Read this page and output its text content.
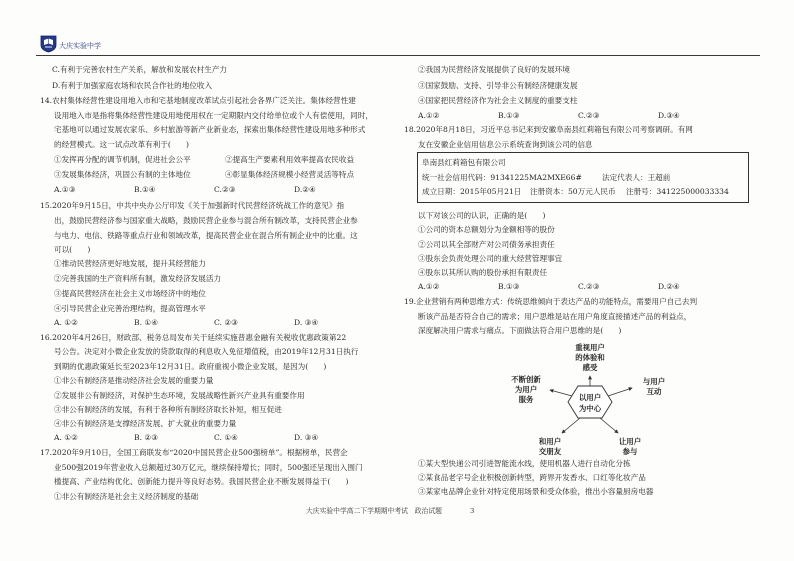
大庆实验中学
C.有利于完善农村生产关系，解放和发展农村生产力
D.有利于加强家庭农场和农民合作社的地位收入
14.农村集体经营性建设用地入市和宅基地制度改革试点引起社会各界广泛关注。集体经营性建
设用地入市是指将集体经营性建设用地使用权在一定期限内交付给单位或个人有偿使用，同时，
宅基地可以通过发展农家乐、乡村旅游等新产业新业态，探索出集体经营性建设用地多种形式
的经营模式。这一试点改革有利于(　　)
①发挥再分配的调节机制，促进社会公平	②提高生产要素利用效率提高农民收益
③发展集体经济，巩固公有制的主体地位	④彰显集体经济规模小经营灵活等特点
A.①③	B.①④	C.②③	D.②④
15.2020年9月15日，中共中央办公厅印发《关于加强新时代民营经济统战工作的意见》指
出，鼓励民营经济参与国家重大战略，鼓励民营企业参与混合所有制改革，支持民营企业参
与电力、电信、铁路等重点行业和领域改革，提高民营企业在混合所有制企业中的比重。这
可以(　　)
①推动民营经济更好地发展，提升其经营能力
②完善我国的生产资料所有制，激发经济发展活力
③提高民营经济在社会主义市场经济中的地位
④引导民营企业完善治理结构，提高管理水平
A. ①②	B. ①④	C. ②③	D. ③④
16.2020年4月26日，财政部、税务总局发布关于延续实施普惠金融有关税收优惠政策第22
号公告。决定对小微企业发放的贷款取得的利息收入免征增值税，由2019年12月31日执行
到期的优惠政策延长至2023年12月31日。政府重视小微企业发展，是因为(　　)
①非公有制经济是推动经济社会发展的重要力量
②发展非公有制经济，对保护生态环境，发展战略性新兴产业具有重要作用
③非公有制经济的发展，有利于各种所有制经济取长补短，相互促进
④非公有制经济是支撑经济发展、扩大就业的重要力量
A. ①②	B. ②③	C. ①④	D. ③④
17.2020年9月10日，全国工商联发布“2020中国民营企业500强榜单”。根据榜单，民营企
业500强2019年营业收入总额超过30万亿元，继续保持增长；同时，500强还呈现出入围门
槛提高、产业结构优化、创新能力提升等良好态势。我国民营企业不断发展得益于(　　)
①非公有制经济是社会主义经济制度的基础
②我国为民营经济发展提供了良好的发展环境
③国家鼓励、支持、引导非公有制经济健康发展
④国家把民营经济作为社会主义制度的重要支柱
A.①②	B.①③	C.②③	D.③④
18.2020年8月18日，习近平总书记来到安徽阜南县红莉箱包有限公司考察调研。有网
友在安徽企业信用信息公示系统查询到该公司的信息
阜南县红莉箱包有限公司
统一社会信用代码：91341225MA2MXE66#	法定代表人：王超前
成立日期：2015年05月21日 注册资本：50万元人民币 注册号：341225000033334
以下对该公司的认识，正确的是(　　)
①公司的资本总额划分为金额相等的股份
②公司以其全部财产对公司债务承担责任
③股东会负责处理公司的重大经营管理事宜
④股东以其所认购的股份承担有限责任
A.①②	B.①③	C.②③	D.②④
19.企业营销有两种思维方式：传统思维倾向于表达产品的功能特点，需要用户自己去判
断该产品是否符合自己的需求；用户思维是站在用户角度直接描述产品的利益点，
深度解决用户需求与痛点。下面做法符合用户思维的是(　　)
以用户
为中心
重视用户
的体验和
感受
不断创新
为用户
服务
与用户
互动
和用户
交朋友
让用户
参与
①某大型快递公司引进智能流水线，使用机器人进行自动化分拣
②某食品老字号企业积极创新转型，跨界开发香水、口红等化妆产品
③某家电品牌企业针对特定使用场景和受众体验，推出小容量厨房电器
大庆实验中学高二下学期期中考试　政治试题	3
